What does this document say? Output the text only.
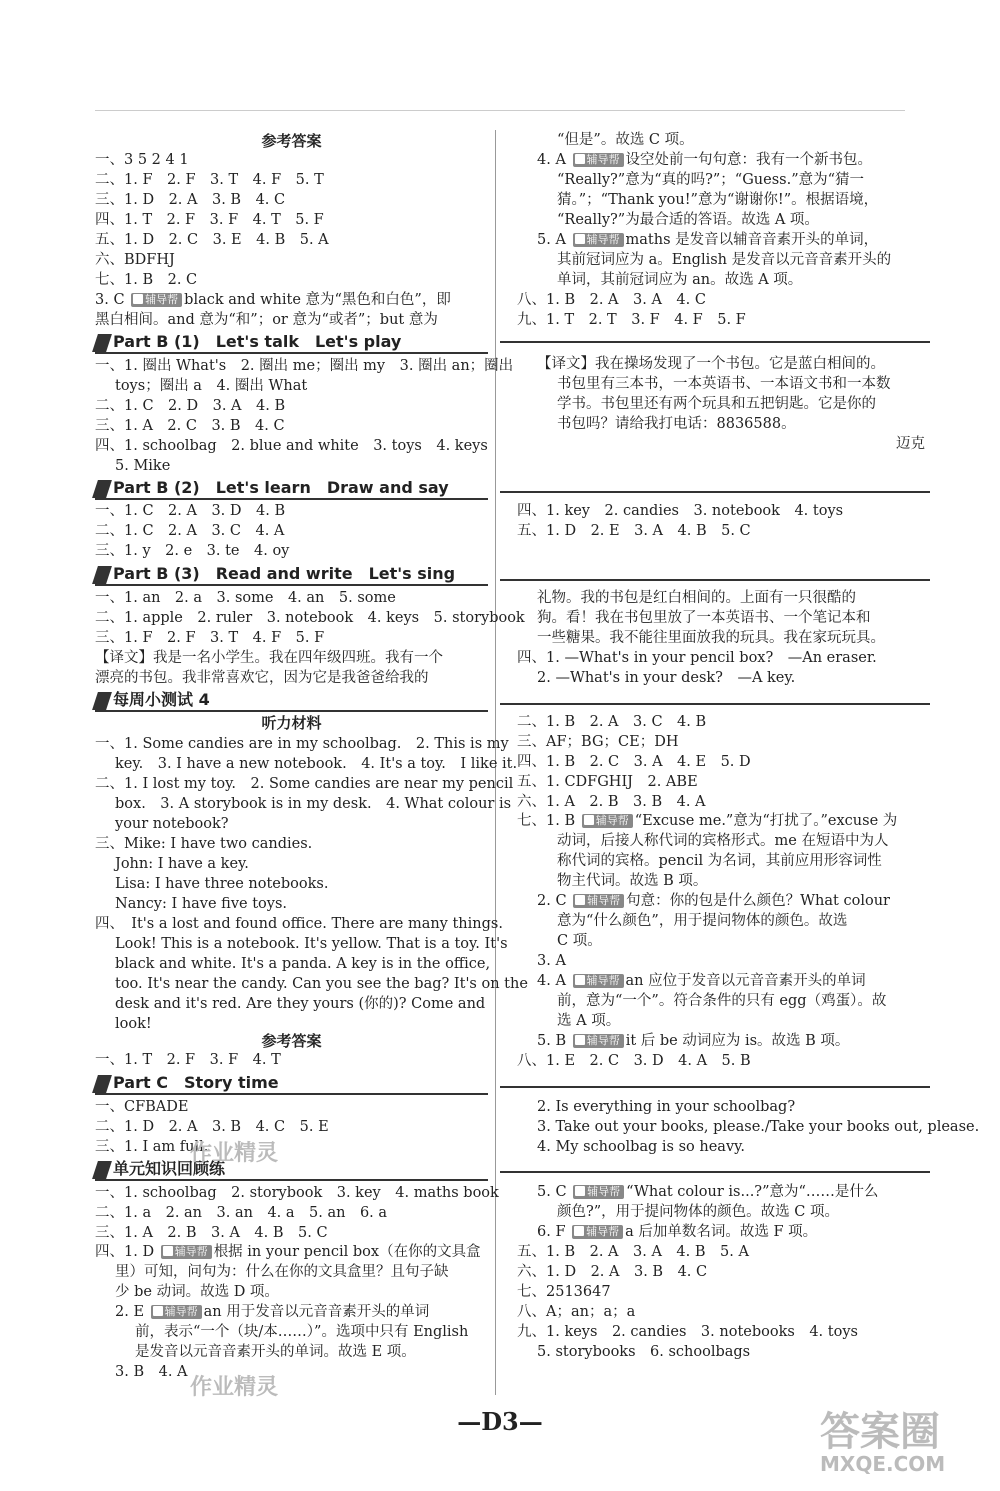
参考答案
一、3 5 2 4 1
二、1. F　2. F　3. T　4. F　5. T
三、1. D　2. A　3. B　4. C
四、1. T　2. F　3. F　4. T　5. F
五、1. D　2. C　3. E　4. B　5. A
六、BDFHJ
七、1. B　2. C
3. C 辅导帮 black and white 意为“黑色和白色”，即
黑白相间。and 意为“和”；or 意为“或者”；but 意为
Part B (1)　Let's talk　Let's play
一、1. 圈出 What's　2. 圈出 me；圈出 my　3. 圈出 an；圈出
toys；圈出 a　4. 圈出 What
二、1. C　2. D　3. A　4. B
三、1. A　2. C　3. B　4. C
四、1. schoolbag　2. blue and white　3. toys　4. keys
5. Mike
Part B (2)　Let's learn　Draw and say
一、1. C　2. A　3. D　4. B
二、1. C　2. A　3. C　4. A
三、1. y　2. e　3. te　4. oy
Part B (3)　Read and write　Let's sing
一、1. an　2. a　3. some　4. an　5. some
二、1. apple　2. ruler　3. notebook　4. keys　5. storybook
三、1. F　2. F　3. T　4. F　5. F
【译文】我是一名小学生。我在四年级四班。我有一个
漂亮的书包。我非常喜欢它，因为它是我爸爸给我的
每周小测试 4
听力材料
一、1. Some candies are in my schoolbag.　2. This is my
key.　3. I have a new notebook.　4. It's a toy.　I like it.
二、1. I lost my toy.　2. Some candies are near my pencil
box.　3. A storybook is in my desk.　4. What colour is
your notebook?
三、Mike: I have two candies.
John: I have a key.
Lisa: I have three notebooks.
Nancy: I have five toys.
四、　It's a lost and found office. There are many things.
Look! This is a notebook. It's yellow. That is a toy. It's
black and white. It's a panda. A key is in the office,
too. It's near the candy. Can you see the bag? It's on the
desk and it's red. Are they yours (你的)? Come and
look!
参考答案
一、1. T　2. F　3. F　4. T
Part C　Story time
一、CFBADE
二、1. D　2. A　3. B　4. C　5. E
三、1. I am full.
单元知识回顾练
一、1. schoolbag　2. storybook　3. key　4. maths book
二、1. a　2. an　3. an　4. a　5. an　6. a
三、1. A　2. B　3. A　4. B　5. C
四、1. D 辅导帮 根据 in your pencil box（在你的文具盒
里）可知，问句为：什么在你的文具盒里？且句子缺
少 be 动词。故选 D 项。
2. E 辅导帮 an 用于发音以元音音素开头的单词
前，表示“一个（块/本……）”。选项中只有 English
是发音以元音音素开头的单词。故选 E 项。
3. B　4. A
“但是”。故选 C 项。
4. A 辅导帮 设空处前一句句意：我有一个新书包。
“Really?”意为“真的吗?”；“Guess.”意为“猜一
猜。”；“Thank you!”意为“谢谢你!”。根据语境，
“Really?”为最合适的答语。故选 A 项。
5. A 辅导帮 maths 是发音以辅音音素开头的单词，
其前冠词应为 a。English 是发音以元音音素开头的
单词，其前冠词应为 an。故选 A 项。
八、1. B　2. A　3. A　4. C
九、1. T　2. T　3. F　4. F　5. F
【译文】我在操场发现了一个书包。它是蓝白相间的。
书包里有三本书，一本英语书、一本语文书和一本数
学书。书包里还有两个玩具和五把钥匙。它是你的
书包吗？请给我打电话：8836588。
迈克
四、1. key　2. candies　3. notebook　4. toys
五、1. D　2. E　3. A　4. B　5. C
礼物。我的书包是红白相间的。上面有一只很酷的
狗。看！我在书包里放了一本英语书、一个笔记本和
一些糖果。我不能往里面放我的玩具。我在家玩玩具。
四、1. —What's in your pencil box?　—An eraser.
2. —What's in your desk?　—A key.
二、1. B　2. A　3. C　4. B
三、AF；BG；CE；DH
四、1. B　2. C　3. A　4. E　5. D
五、1. CDFGHIJ　2. ABE
六、1. A　2. B　3. B　4. A
七、1. B 辅导帮 “Excuse me.”意为“打扰了。”excuse 为
动词，后接人称代词的宾格形式。me 在短语中为人
称代词的宾格。pencil 为名词，其前应用形容词性
物主代词。故选 B 项。
2. C 辅导帮 句意：你的包是什么颜色？What colour
意为“什么颜色”，用于提问物体的颜色。故选
C 项。
3. A
4. A 辅导帮 an 应位于发音以元音音素开头的单词
前，意为“一个”。符合条件的只有 egg（鸡蛋）。故
选 A 项。
5. B 辅导帮 it 后 be 动词应为 is。故选 B 项。
八、1. E　2. C　3. D　4. A　5. B
2. Is everything in your schoolbag?
3. Take out your books, please./Take your books out, please.
4. My schoolbag is so heavy.
5. C 辅导帮 “What colour is...?”意为“……是什么
颜色?”，用于提问物体的颜色。故选 C 项。
6. F 辅导帮 a 后加单数名词。故选 F 项。
五、1. B　2. A　3. A　4. B　5. A
六、1. D　2. A　3. B　4. C
七、2513647
八、A；an；a；a
九、1. keys　2. candies　3. notebooks　4. toys
5. storybooks　6. schoolbags
—D3—
作业精灵
作业精灵
答案圈
MXQE.COM
